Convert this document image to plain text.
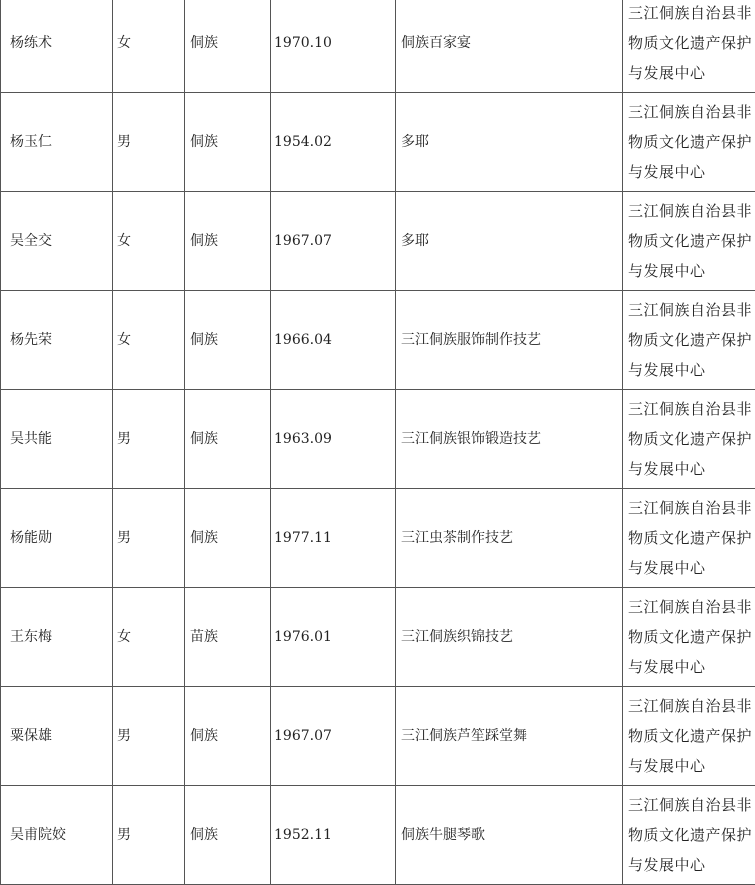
杨练术	女	侗族	1970.10	侗族百家宴	三江侗族自治县非
物质文化遗产保护
与发展中心

杨玉仁	男	侗族	1954.02	多耶	三江侗族自治县非
物质文化遗产保护
与发展中心

吴全交	女	侗族	1967.07	多耶	三江侗族自治县非
物质文化遗产保护
与发展中心

杨先荣	女	侗族	1966.04	三江侗族服饰制作技艺	三江侗族自治县非
物质文化遗产保护
与发展中心

吴共能	男	侗族	1963.09	三江侗族银饰锻造技艺	三江侗族自治县非
物质文化遗产保护
与发展中心

杨能勋	男	侗族	1977.11	三江虫茶制作技艺	三江侗族自治县非
物质文化遗产保护
与发展中心

王东梅	女	苗族	1976.01	三江侗族织锦技艺	三江侗族自治县非
物质文化遗产保护
与发展中心

粟保雄	男	侗族	1967.07	三江侗族芦笙踩堂舞	三江侗族自治县非
物质文化遗产保护
与发展中心

吴甫院姣	男	侗族	1952.11	侗族牛腿琴歌	三江侗族自治县非
物质文化遗产保护
与发展中心
